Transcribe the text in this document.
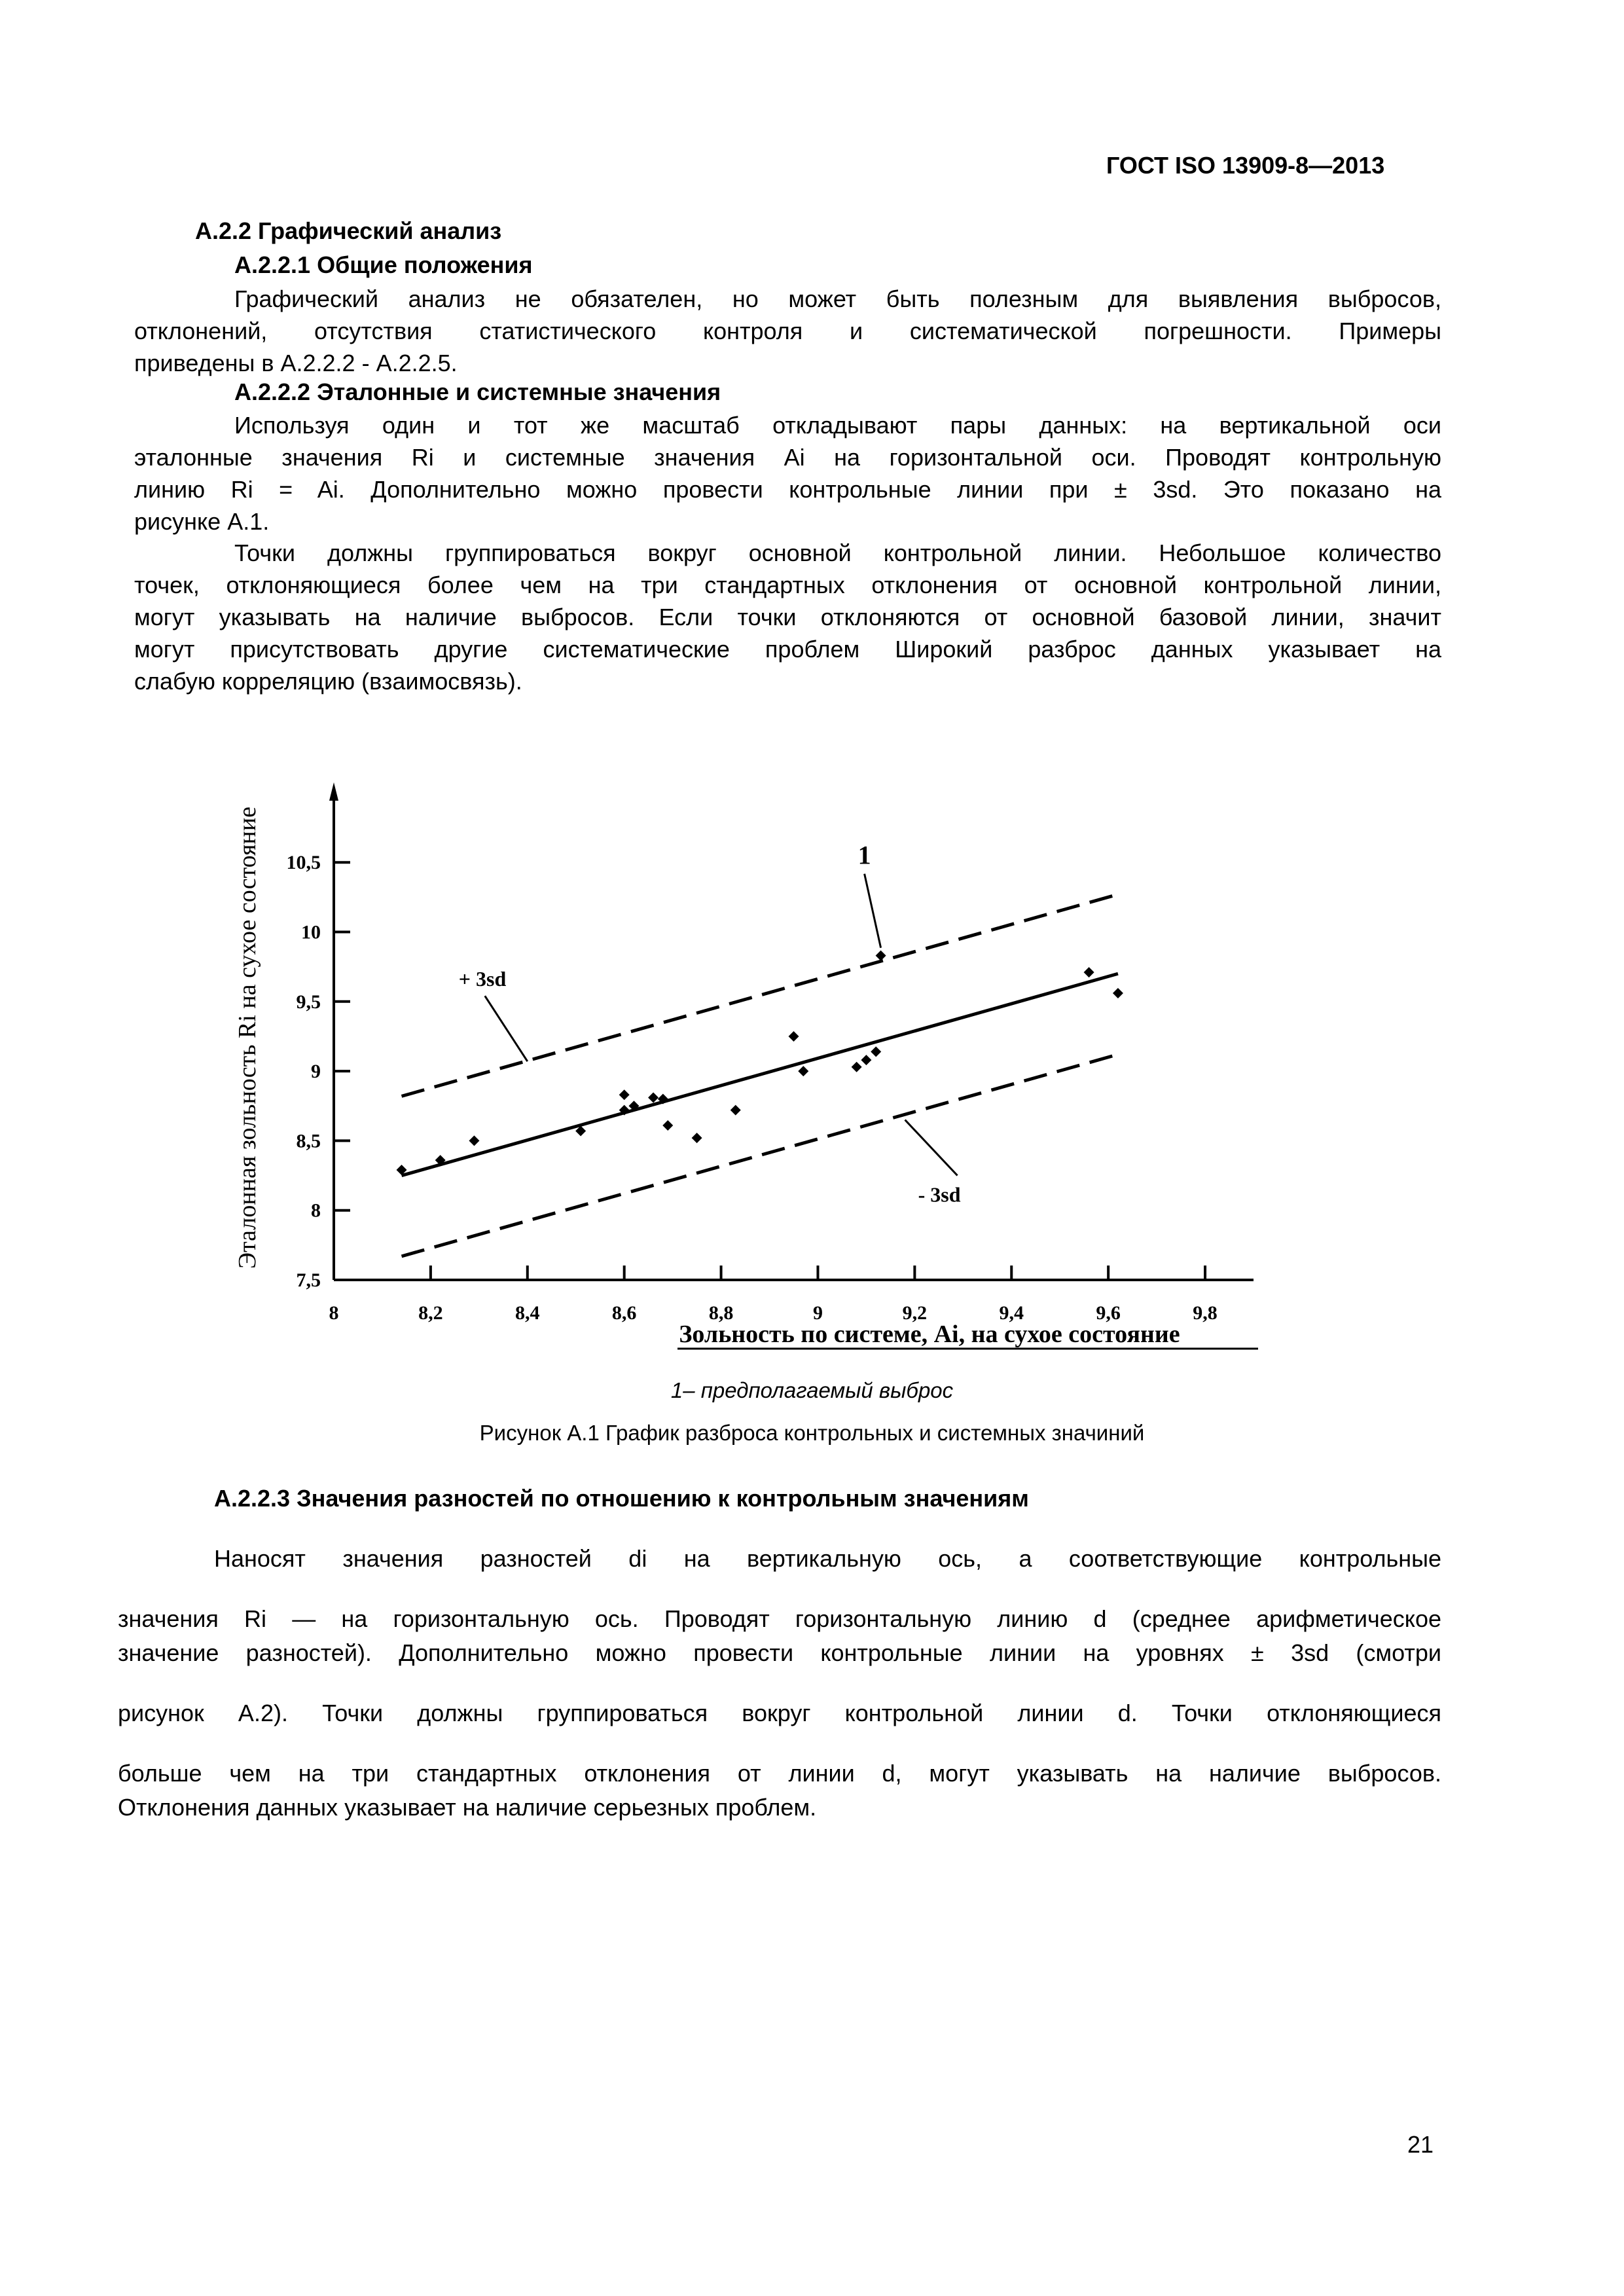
ГОСТ ISO 13909-8—2013
А.2.2 Графический анализ
А.2.2.1 Общие положения
Графический анализ не обязателен, но может быть полезным для выявления выбросов,
отклонений, отсутствия статистического контроля и систематической погрешности. Примеры
приведены в А.2.2.2 - А.2.2.5.
А.2.2.2 Эталонные и системные значения
Используя один и тот же масштаб откладывают пары данных: на вертикальной оси
эталонные значения Ri и системные значения Ai на горизонтальной оси. Проводят контрольную
линию Ri = Ai. Дополнительно можно провести контрольные линии при ± 3sd. Это показано на
рисунке А.1.
Точки должны группироваться вокруг основной контрольной линии. Небольшое количество
точек, отклоняющиеся более чем на три стандартных отклонения от основной контрольной линии,
могут указывать на наличие выбросов. Если точки отклоняются от основной базовой линии, значит
могут присутствовать другие систематические проблем Широкий разброс данных указывает на
слабую корреляцию (взаимосвязь).
8	8,2	8,4	8,6	8,8	9	9,2	9,4	9,6	9,8
7,5
8
8,5
9
9,5
10
10,5	1
+ 3sd
- 3sd
Эталонная зольность Ri на сухое состояние
Зольность по системе, Ai, на сухое состояние
1– предполагаемый выброс
Рисунок А.1 График разброса контрольных и системных значиний
А.2.2.3 Значения разностей по отношению к контрольным значениям
Наносят значения разностей di на вертикальную ось, а соответствующие контрольные
значения Ri — на горизонтальную ось. Проводят горизонтальную линию d (среднее арифметическое
значение разностей). Дополнительно можно провести контрольные линии на уровнях ± 3sd (смотри
рисунок А.2). Точки должны группироваться вокруг контрольной линии d. Точки отклоняющиеся
больше чем на три стандартных отклонения от линии d, могут указывать на наличие выбросов.
Отклонения данных указывает на наличие серьезных проблем.
21
